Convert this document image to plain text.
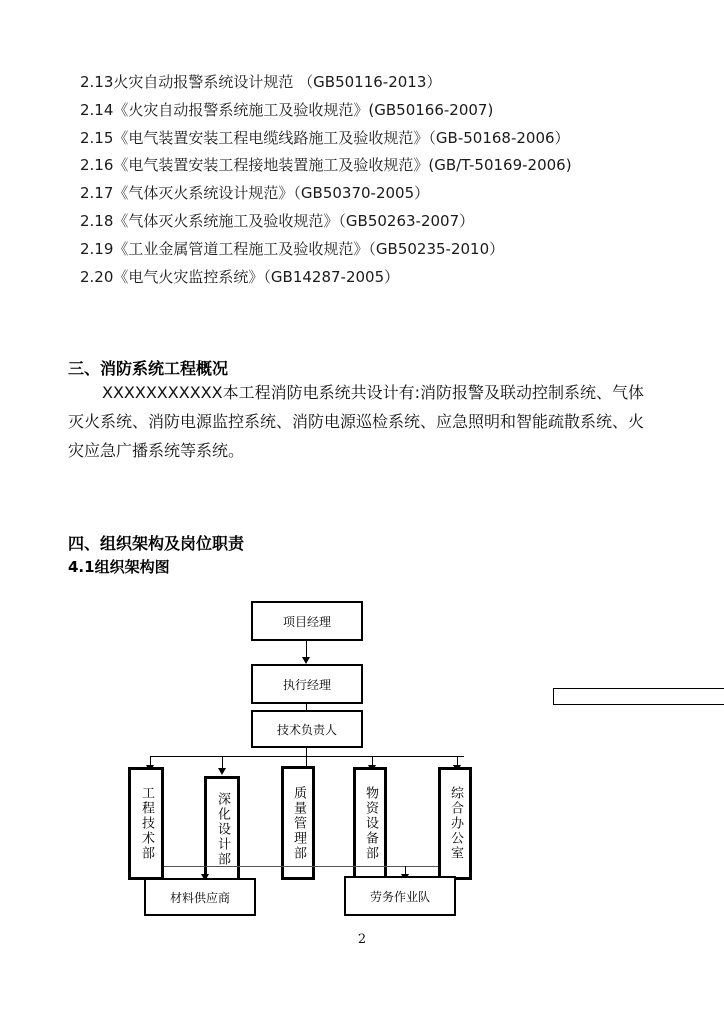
2.13火灾自动报警系统设计规范 （GB50116-2013）
2.14《火灾自动报警系统施工及验收规范》(GB50166-2007)
2.15《电气装置安装工程电缆线路施工及验收规范》（GB-50168-2006）
2.16《电气装置安装工程接地装置施工及验收规范》(GB/T-50169-2006)
2.17《气体灭火系统设计规范》（GB50370-2005）
2.18《气体灭火系统施工及验收规范》（GB50263-2007）
2.19《工业金属管道工程施工及验收规范》（GB50235-2010）
2.20《电气火灾监控系统》（GB14287-2005）
三、消防系统工程概况
XXXXXXXXXXX本工程消防电系统共设计有:消防报警及联动控制系统、气体灭火系统、消防电源监控系统、消防电源巡检系统、应急照明和智能疏散系统、火灾应急广播系统等系统。
四、组织架构及岗位职责
4.1组织架构图
项目经理
执行经理
技术负责人
工程技术部	深化设计部	质量管理部	物资设备部	综合办公室
材料供应商	劳务作业队
2
